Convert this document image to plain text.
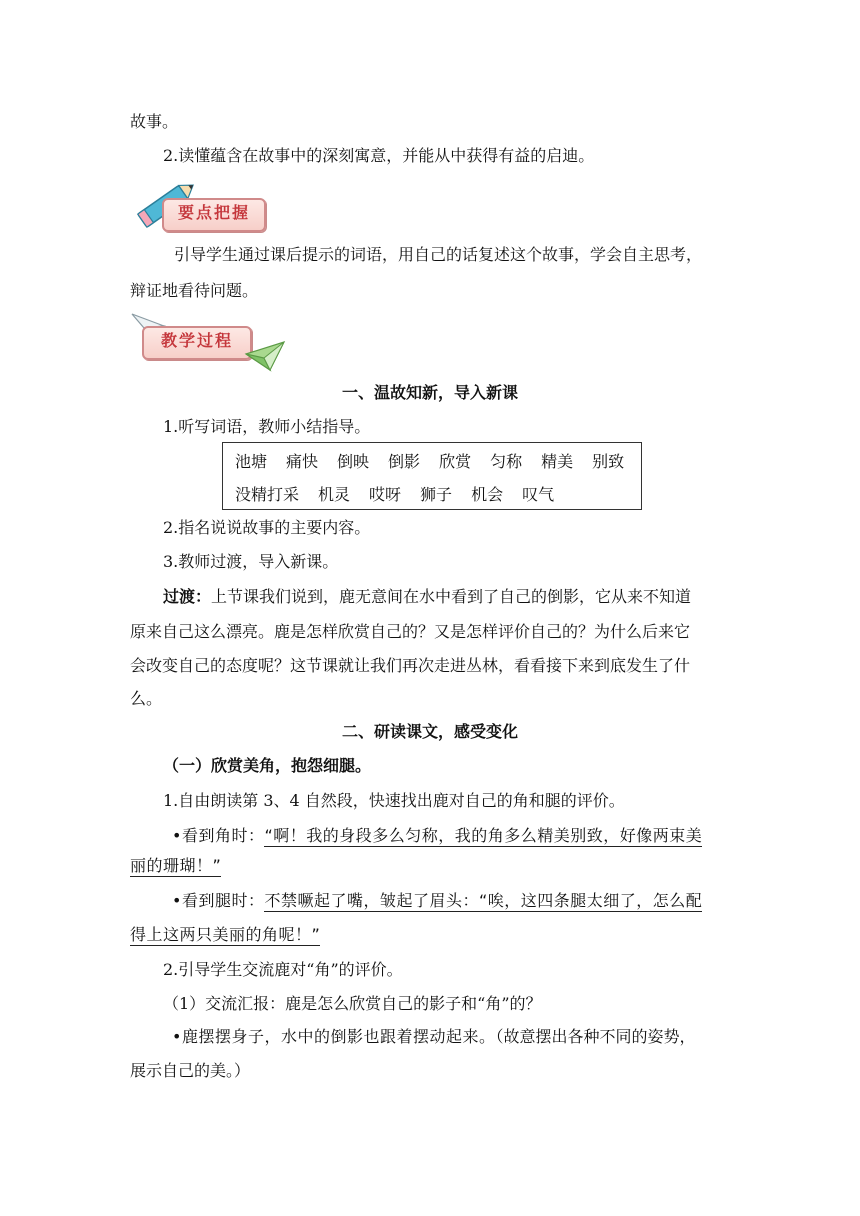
故事。
2.读懂蕴含在故事中的深刻寓意，并能从中获得有益的启迪。
要点把握
引导学生通过课后提示的词语，用自己的话复述这个故事，学会自主思考，
辩证地看待问题。
教学过程
一、温故知新，导入新课
1.听写词语，教师小结指导。
池塘 痛快 倒映 倒影 欣赏 匀称 精美 别致
没精打采 机灵 哎呀 狮子 机会 叹气
2.指名说说故事的主要内容。
3.教师过渡，导入新课。
过渡：上节课我们说到，鹿无意间在水中看到了自己的倒影，它从来不知道
原来自己这么漂亮。鹿是怎样欣赏自己的？又是怎样评价自己的？为什么后来它
会改变自己的态度呢？这节课就让我们再次走进丛林，看看接下来到底发生了什
么。
二、研读课文，感受变化
（一）欣赏美角，抱怨细腿。
1.自由朗读第 3、4 自然段，快速找出鹿对自己的角和腿的评价。
•看到角时：“啊！我的身段多么匀称，我的角多么精美别致，好像两束美
丽的珊瑚！”
•看到腿时：不禁噘起了嘴，皱起了眉头：“唉，这四条腿太细了，怎么配
得上这两只美丽的角呢！”
2.引导学生交流鹿对“角”的评价。
（1）交流汇报：鹿是怎么欣赏自己的影子和“角”的？
•鹿摆摆身子，水中的倒影也跟着摆动起来。（故意摆出各种不同的姿势，
展示自己的美。）
